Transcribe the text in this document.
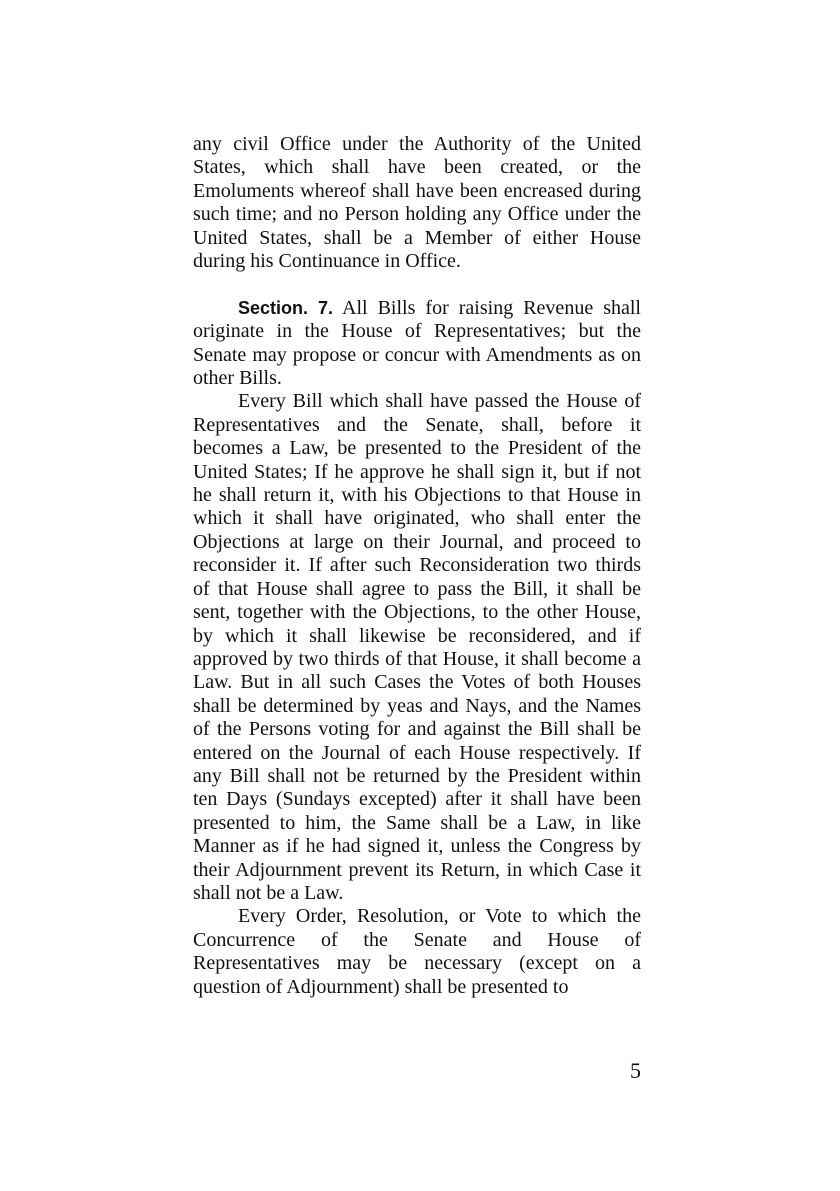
any civil Office under the Authority of the United States, which shall have been created, or the Emoluments whereof shall have been encreased during such time; and no Person holding any Office under the United States, shall be a Member of either House during his Continuance in Office.

Section. 7. All Bills for raising Revenue shall originate in the House of Representatives; but the Senate may propose or concur with Amendments as on other Bills.

Every Bill which shall have passed the House of Representatives and the Senate, shall, before it becomes a Law, be presented to the President of the United States; If he approve he shall sign it, but if not he shall return it, with his Objections to that House in which it shall have originated, who shall enter the Objections at large on their Journal, and proceed to reconsider it. If after such Reconsideration two thirds of that House shall agree to pass the Bill, it shall be sent, together with the Objections, to the other House, by which it shall likewise be reconsidered, and if approved by two thirds of that House, it shall become a Law. But in all such Cases the Votes of both Houses shall be determined by yeas and Nays, and the Names of the Persons voting for and against the Bill shall be entered on the Journal of each House respectively. If any Bill shall not be returned by the President within ten Days (Sundays excepted) after it shall have been presented to him, the Same shall be a Law, in like Manner as if he had signed it, unless the Congress by their Adjournment prevent its Return, in which Case it shall not be a Law.

Every Order, Resolution, or Vote to which the Concurrence of the Senate and House of Representatives may be necessary (except on a question of Adjournment) shall be presented to

5
